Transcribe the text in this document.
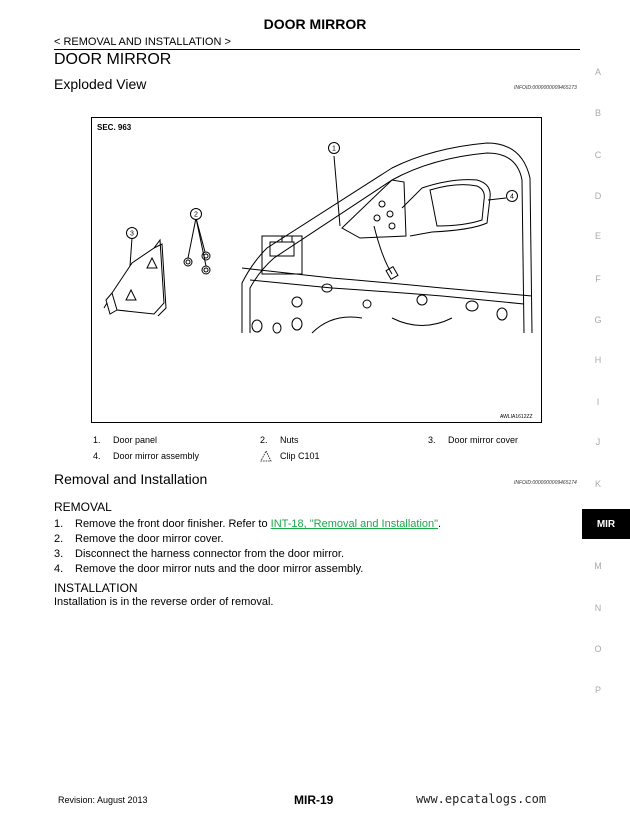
DOOR MIRROR
< REMOVAL AND INSTALLATION >
DOOR MIRROR
Exploded View	INFOID:0000000009465173
1
2
3
4
SEC. 963
AWLIA1612ZZ
1. Door panel	2. Nuts	3. Door mirror cover
4. Door mirror assembly	Clip C101
Removal and Installation	INFOID:0000000009465174
REMOVAL
1. Remove the front door finisher. Refer to INT-18, "Removal and Installation".
2. Remove the door mirror cover.
3. Disconnect the harness connector from the door mirror.
4. Remove the door mirror nuts and the door mirror assembly.
INSTALLATION
Installation is in the reverse order of removal.
A
B
C
D
E
F
G
H
I
J
K
MIR
M
N
O
P
Revision: August 2013	MIR-19	www.epcatalogs.com
